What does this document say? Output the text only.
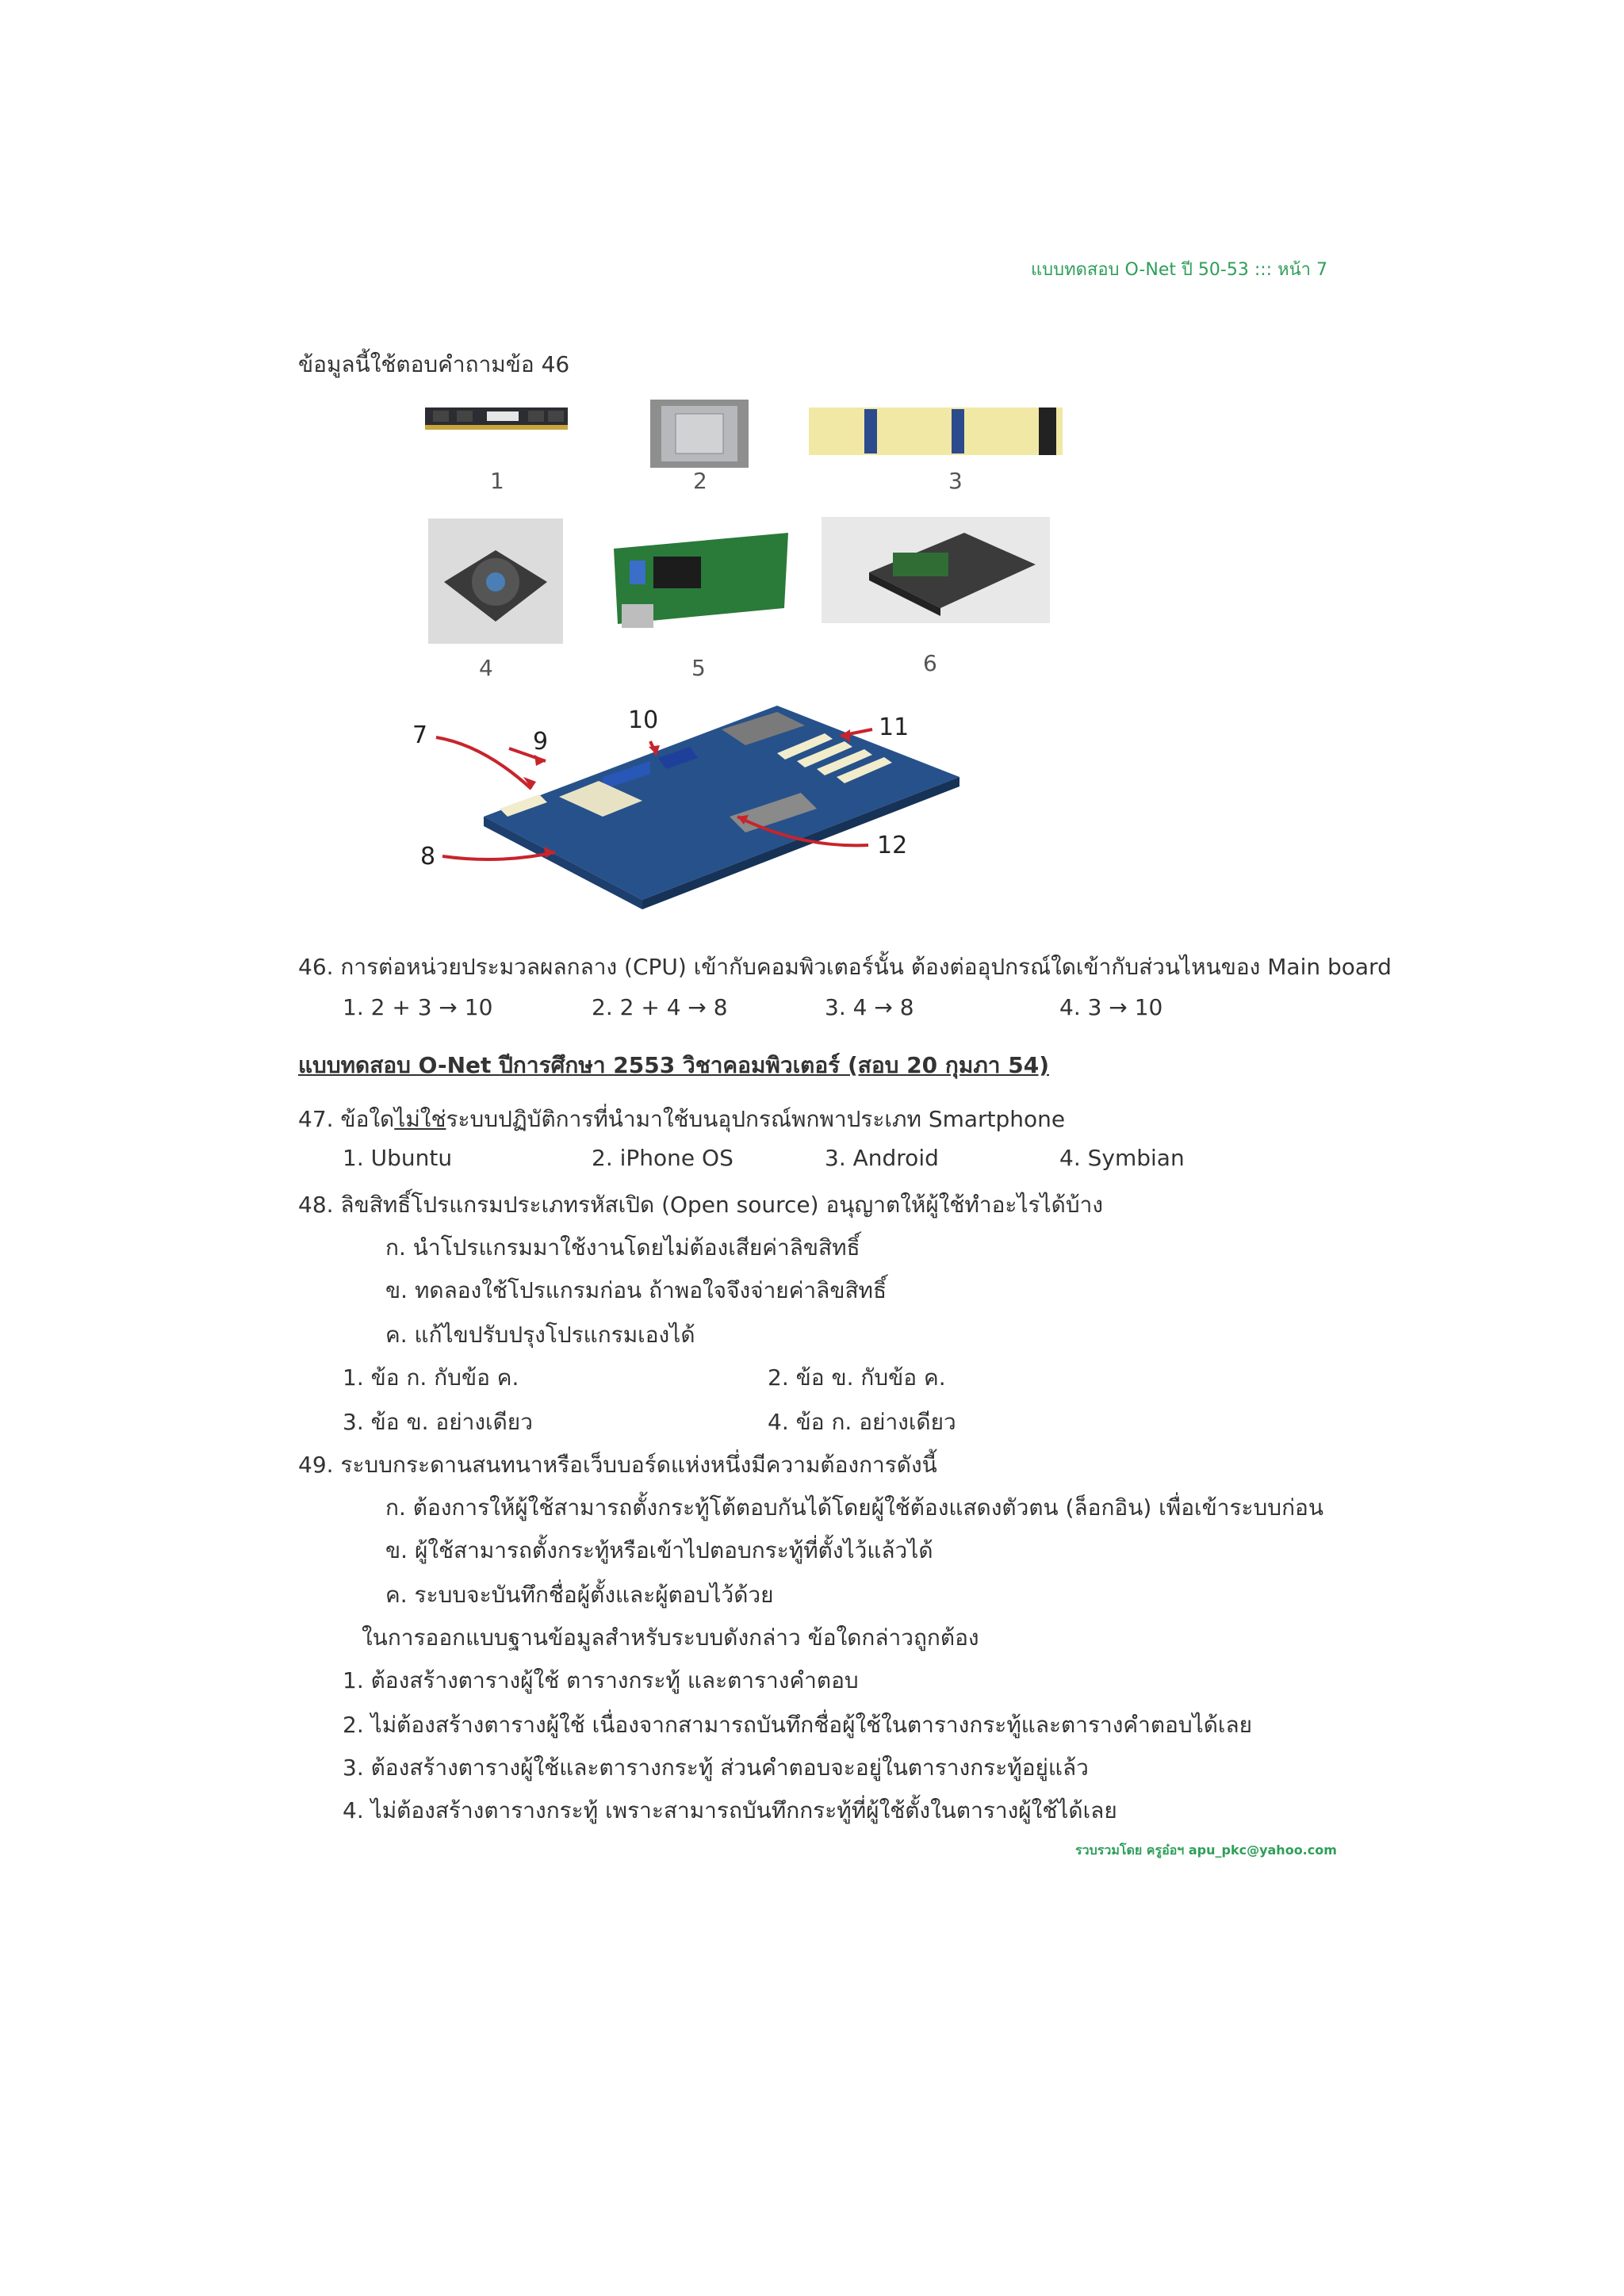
แบบทดสอบ O-Net ปี 50-53 ::: หน้า 7
ข้อมูลนี้ใช้ตอบคำถามข้อ 46
1	2	3
4	5	6
7
8
9
10	11
12
46. การต่อหน่วยประมวลผลกลาง (CPU) เข้ากับคอมพิวเตอร์นั้น ต้องต่ออุปกรณ์ใดเข้ากับส่วนไหนของ Main board
1. 2 + 3 → 10	2. 2 + 4 → 8	3. 4 → 8	4. 3 → 10
แบบทดสอบ O-Net ปีการศึกษา 2553 วิชาคอมพิวเตอร์ (สอบ 20 กุมภา 54)
47. ข้อใดไม่ใช่ระบบปฏิบัติการที่นำมาใช้บนอุปกรณ์พกพาประเภท Smartphone
1. Ubuntu	2. iPhone OS	3. Android	4. Symbian
48. ลิขสิทธิ์โปรแกรมประเภทรหัสเปิด (Open source) อนุญาตให้ผู้ใช้ทำอะไรได้บ้าง
ก. นำโปรแกรมมาใช้งานโดยไม่ต้องเสียค่าลิขสิทธิ์
ข. ทดลองใช้โปรแกรมก่อน ถ้าพอใจจึงจ่ายค่าลิขสิทธิ์
ค. แก้ไขปรับปรุงโปรแกรมเองได้
1. ข้อ ก. กับข้อ ค.	2. ข้อ ข. กับข้อ ค.
3. ข้อ ข. อย่างเดียว	4. ข้อ ก. อย่างเดียว
49. ระบบกระดานสนทนาหรือเว็บบอร์ดแห่งหนึ่งมีความต้องการดังนี้
ก. ต้องการให้ผู้ใช้สามารถตั้งกระทู้โต้ตอบกันได้โดยผู้ใช้ต้องแสดงตัวตน (ล็อกอิน) เพื่อเข้าระบบก่อน
ข. ผู้ใช้สามารถตั้งกระทู้หรือเข้าไปตอบกระทู้ที่ตั้งไว้แล้วได้
ค. ระบบจะบันทึกชื่อผู้ตั้งและผู้ตอบไว้ด้วย
ในการออกแบบฐานข้อมูลสำหรับระบบดังกล่าว ข้อใดกล่าวถูกต้อง
1. ต้องสร้างตารางผู้ใช้ ตารางกระทู้ และตารางคำตอบ
2. ไม่ต้องสร้างตารางผู้ใช้ เนื่องจากสามารถบันทึกชื่อผู้ใช้ในตารางกระทู้และตารางคำตอบได้เลย
3. ต้องสร้างตารางผู้ใช้และตารางกระทู้ ส่วนคำตอบจะอยู่ในตารางกระทู้อยู่แล้ว
4. ไม่ต้องสร้างตารางกระทู้ เพราะสามารถบันทึกกระทู้ที่ผู้ใช้ตั้งในตารางผู้ใช้ได้เลย
รวบรวมโดย ครูอ๋อฯ apu_pkc@yahoo.com
